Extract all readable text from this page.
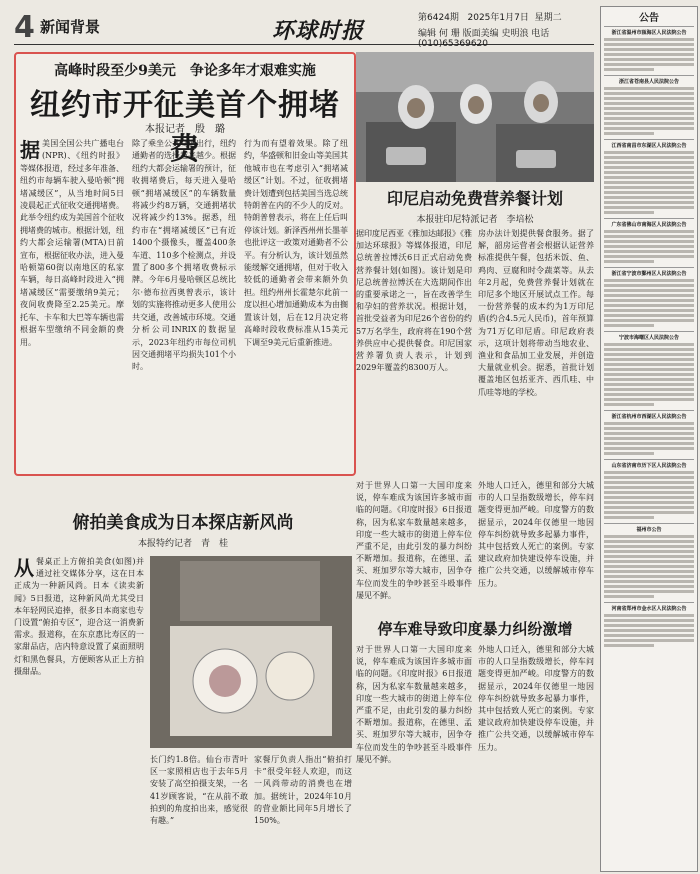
4 新闻背景	环球时报	第6424期 2025年1月7日 星期二
编辑 何 珊 版面美编 史明浪 电话(010)65369620
高峰时段至少9美元　争论多年才艰难实施
纽约市开征美首个拥堵费
本报记者　殷　璐
据美国全国公共广播电台(NPR)、《纽约时报》等媒体报道，经过多年准备、纽约市每辆车驶入曼哈顿“拥堵减缓区”，从当地时间5日凌晨起正式征收交通拥堵费。此举令纽约成为美国首个征收拥堵费的城市。根据计划，纽约大都会运输署(MTA)日前宣布，根据征收办法，进入曼哈顿第60街以南地区的私家车辆，每日高峰时段进入“拥堵减缓区”需要缴纳9美元；夜间收费降至2.25美元。摩托车、卡车和大巴等车辆也需根据车型缴纳不同金额的费用。
除了乘坐公共交通出行，纽约通勤者的选择越来越少。根据纽约大都会运输署的预计，征收拥堵费后，每天进入曼哈顿“拥堵减缓区”的车辆数量将减少约8万辆，交通拥堵状况将减少约13%。据悉，纽约市在“拥堵减缓区”已有近1400个摄像头，覆盖400条车道、110多个检测点，并设置了800多个拥堵收费标示牌。今年6月曼哈顿区总统比尔·德布拉西奥曾表示，该计划的实施将推动更多人使用公共交通，改善城市环境。交通分析公司INRIX的数据显示，2023年纽约市每位司机因交通拥堵平均损失101个小时。
行为而有望着效果。除了纽约，华盛顿和旧金山等美国其他城市也在考虑引入“拥堵减缓区”计划。不过，征收拥堵费计划遭到包括美国当选总统特朗普在内的不少人的反对。特朗普曾表示，将在上任后叫停该计划。新泽西州州长墨菲也批评这一政策对通勤者不公平。有分析认为，该计划虽然能缓解交通拥堵，但对于收入较低的通勤者会带来额外负担。纽约州州长霍楚尔此前一度以担心增加通勤成本为由搁置该计划，后在12月决定将高峰时段收费标准从15美元下调至9美元后重新推进。
印尼启动免费营养餐计划
本报驻印尼特派记者　李培松
据印度尼西亚《雅加达邮报》《雅加达环球报》等媒体报道，印尼总统普拉博沃6日正式启动免费营养餐计划(如图)。该计划是印尼总统普拉博沃在大选期间作出的重要承诺之一，旨在改善学生和孕妇的营养状况。根据计划，首批受益者为印尼26个省份的约57万名学生，政府将在190个营养供应中心提供餐食。印尼国家营养署负责人表示，计划到2029年覆盖约8300万人。
房办法计划提供餐食服务。据了解，韶房运营者会根据认证营养标准提供午餐，包括米饭、鱼、鸡肉、豆腐和时令蔬菜等。从去年2月起，免费营养餐计划就在印尼多个地区开展试点工作。每一份营养餐的成本约为1万印尼盾(约合4.5元人民币)，首年预算为71万亿印尼盾。印尼政府表示，这项计划将带动当地农业、渔业和食品加工业发展，并创造大量就业机会。据悉，首批计划覆盖地区包括亚齐、西爪哇、中爪哇等地的学校。
俯拍美食成为日本探店新风尚
本报特约记者　青　桂
从餐桌正上方俯拍美食(如图)并通过社交媒体分享，这在日本正成为一种新风尚。日本《读卖新闻》5日报道，这种新风尚尤其受日本年轻网民追捧，很多日本商家也专门设置“俯拍专区”，迎合这一消费新需求。报道称，在东京惠比寿区的一家甜品店，店内特意设置了桌面照明灯和黑色餐具，方便顾客从正上方拍摄甜品。
长门约1.8倍。仙台市青叶区一家照相店也于去年5月安装了高空拍摄支架，一名41岁顾客说，“在从前不敢拍到的角度拍出来，感觉很有趣。”
家餐厅负责人指出“俯拍打卡”很受年轻人欢迎，而这一风尚带动的消费也在增加。据统计，2024年10月的营业额比同年5月增长了150%。
对于世界人口第一大国印度来说，停车难成为该国许多城市面临的问题。《印度时报》6日报道称，因为私家车数量越来越多，印度一些大城市的街道上停车位严重不足，由此引发的暴力纠纷不断增加。报道称，在德里、孟买、班加罗尔等大城市，因争夺车位而发生的争吵甚至斗殴事件屡见不鲜。
外地人口迁入，德里和部分大城市的人口呈指数级增长，停车问题变得更加严峻。印度警方的数据显示，2024年仅德里一地因停车纠纷就导致多起暴力事件，其中包括致人死亡的案例。专家建议政府加快建设停车设施，并推广公共交通，以缓解城市停车压力。
停车难导致印度暴力纠纷激增
对于世界人口第一大国印度来说，停车难成为该国许多城市面临的问题。《印度时报》6日报道称，因为私家车数量越来越多，印度一些大城市的街道上停车位严重不足，由此引发的暴力纠纷不断增加。报道称，在德里、孟买、班加罗尔等大城市，因争夺车位而发生的争吵甚至斗殴事件屡见不鲜。
外地人口迁入，德里和部分大城市的人口呈指数级增长，停车问题变得更加严峻。印度警方的数据显示，2024年仅德里一地因停车纠纷就导致多起暴力事件，其中包括致人死亡的案例。专家建议政府加快建设停车设施，并推广公共交通，以缓解城市停车压力。
公告
浙江省温州市瓯海区人民法院公告
浙江省苍南县人民法院公告
江西省南昌市东湖区人民法院公告
广东省佛山市南海区人民法院公告
浙江省宁波市鄞州区人民法院公告
宁波市海曙区人民法院公告
浙江省杭州市西湖区人民法院公告
山东省济南市历下区人民法院公告
福州市公告
河南省郑州市金水区人民法院公告
